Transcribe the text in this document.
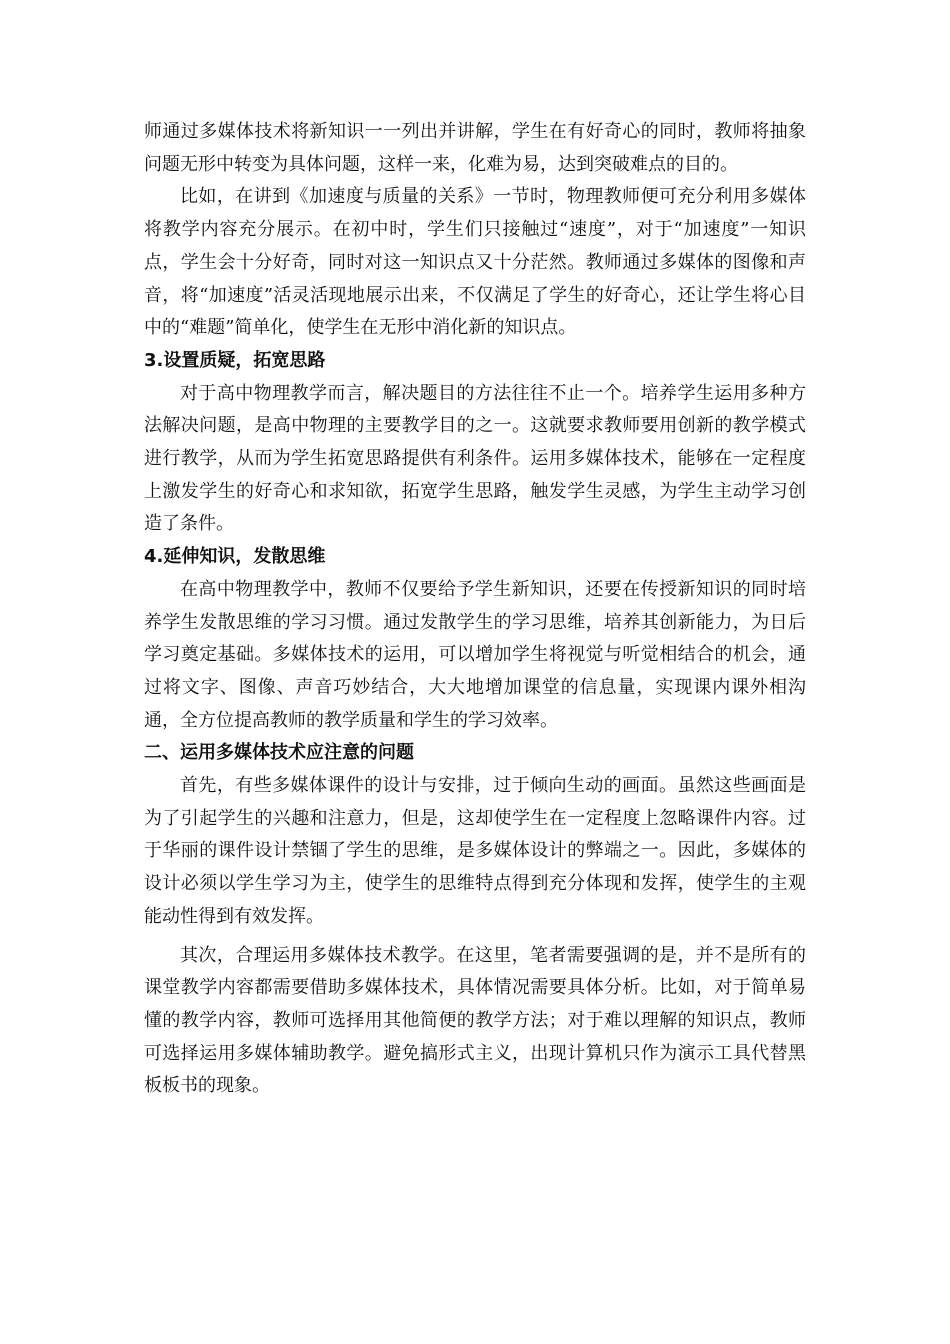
师通过多媒体技术将新知识一一列出并讲解，学生在有好奇心的同时，教师将抽象问题无形中转变为具体问题，这样一来，化难为易，达到突破难点的目的。

比如，在讲到《加速度与质量的关系》一节时，物理教师便可充分利用多媒体将教学内容充分展示。在初中时，学生们只接触过“速度”，对于“加速度”一知识点，学生会十分好奇，同时对这一知识点又十分茫然。教师通过多媒体的图像和声音，将“加速度”活灵活现地展示出来，不仅满足了学生的好奇心，还让学生将心目中的“难题”简单化，使学生在无形中消化新的知识点。

3.设置质疑，拓宽思路

对于高中物理教学而言，解决题目的方法往往不止一个。培养学生运用多种方法解决问题，是高中物理的主要教学目的之一。这就要求教师要用创新的教学模式进行教学，从而为学生拓宽思路提供有利条件。运用多媒体技术，能够在一定程度上激发学生的好奇心和求知欲，拓宽学生思路，触发学生灵感，为学生主动学习创造了条件。

4.延伸知识，发散思维

在高中物理教学中，教师不仅要给予学生新知识，还要在传授新知识的同时培养学生发散思维的学习习惯。通过发散学生的学习思维，培养其创新能力，为日后学习奠定基础。多媒体技术的运用，可以增加学生将视觉与听觉相结合的机会，通过将文字、图像、声音巧妙结合，大大地增加课堂的信息量，实现课内课外相沟通，全方位提高教师的教学质量和学生的学习效率。

二、运用多媒体技术应注意的问题

首先，有些多媒体课件的设计与安排，过于倾向生动的画面。虽然这些画面是为了引起学生的兴趣和注意力，但是，这却使学生在一定程度上忽略课件内容。过于华丽的课件设计禁锢了学生的思维，是多媒体设计的弊端之一。因此，多媒体的设计必须以学生学习为主，使学生的思维特点得到充分体现和发挥，使学生的主观能动性得到有效发挥。

其次，合理运用多媒体技术教学。在这里，笔者需要强调的是，并不是所有的课堂教学内容都需要借助多媒体技术，具体情况需要具体分析。比如，对于简单易懂的教学内容，教师可选择用其他简便的教学方法；对于难以理解的知识点，教师可选择运用多媒体辅助教学。避免搞形式主义，出现计算机只作为演示工具代替黑板板书的现象。
